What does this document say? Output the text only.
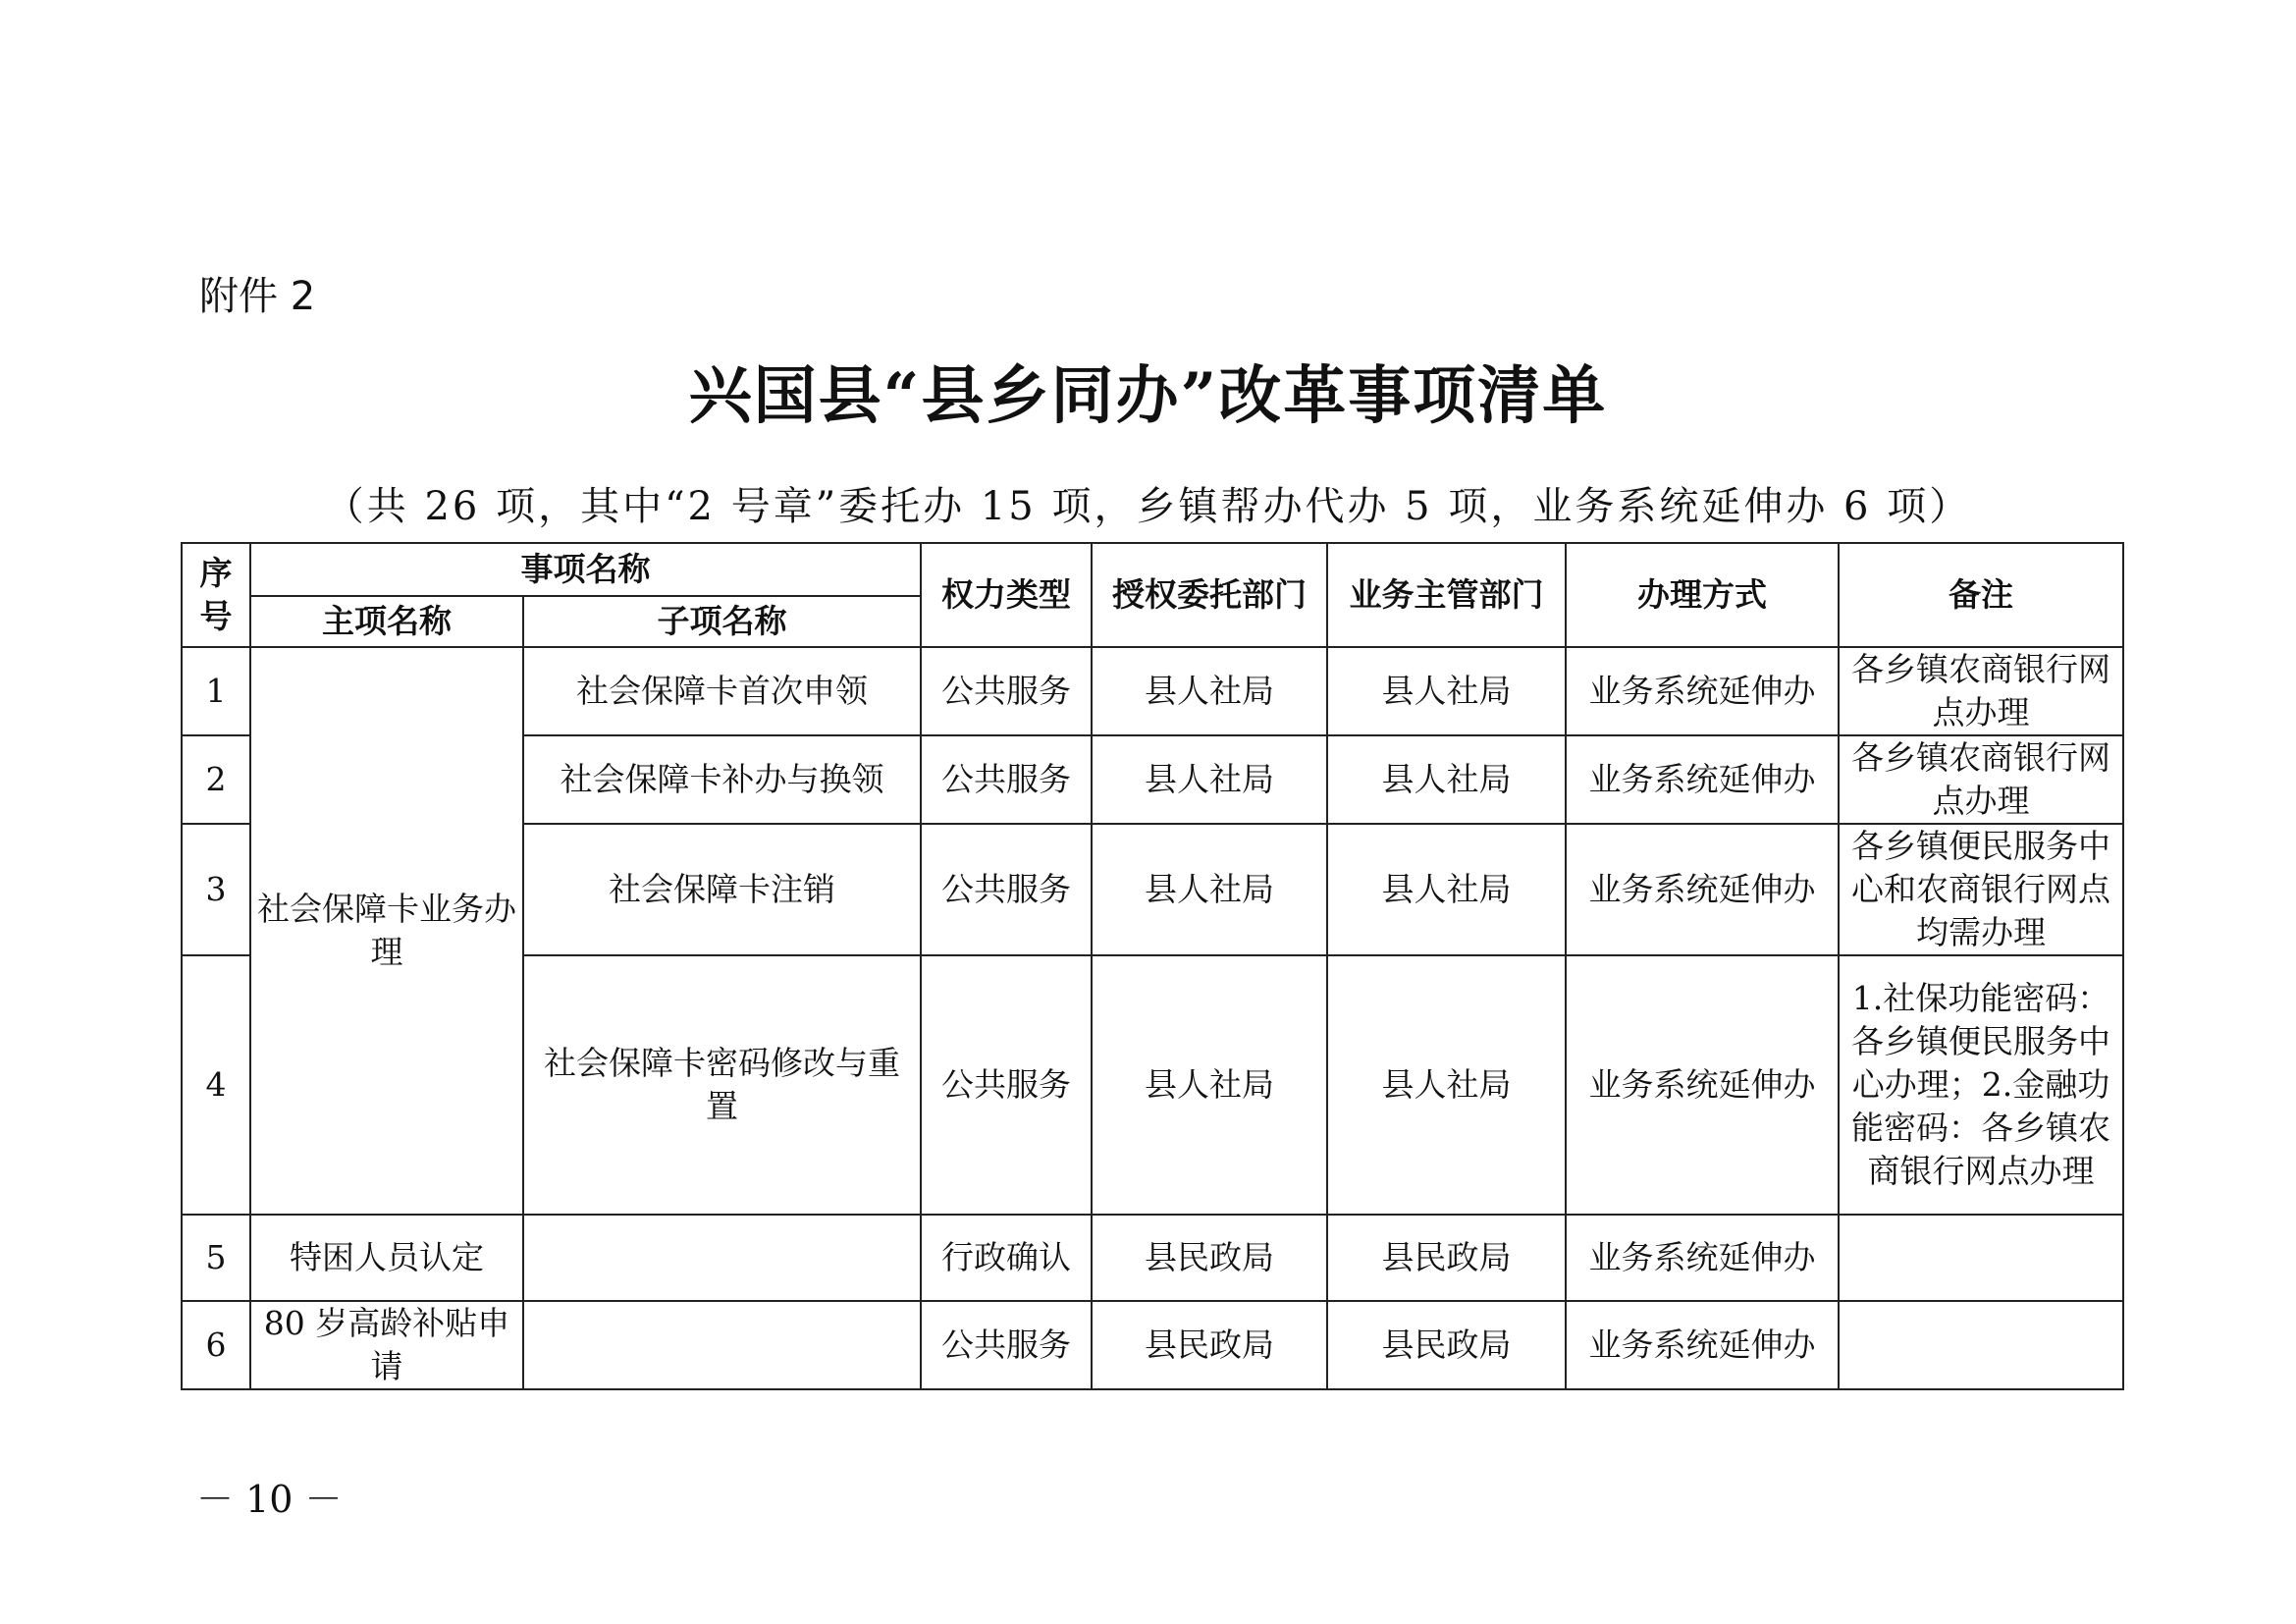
附件 2
兴国县“县乡同办”改革事项清单
（共 26 项，其中“2 号章”委托办 15 项，乡镇帮办代办 5 项，业务系统延伸办 6 项）
序号	事项名称		权力类型	授权委托部门	业务主管部门	办理方式	备注
	主项名称	子项名称					
1	社会保障卡业务办理	社会保障卡首次申领	公共服务	县人社局	县人社局	业务系统延伸办	各乡镇农商银行网点办理
2		社会保障卡补办与换领	公共服务	县人社局	县人社局	业务系统延伸办	各乡镇农商银行网点办理
3		社会保障卡注销	公共服务	县人社局	县人社局	业务系统延伸办	各乡镇便民服务中心和农商银行网点均需办理
4		社会保障卡密码修改与重置	公共服务	县人社局	县人社局	业务系统延伸办	1.社保功能密码：各乡镇便民服务中心办理；2.金融功能密码：各乡镇农商银行网点办理
5	特困人员认定		行政确认	县民政局	县民政局	业务系统延伸办	
6	80 岁高龄补贴申请		公共服务	县民政局	县民政局	业务系统延伸办	
－ 10 －
